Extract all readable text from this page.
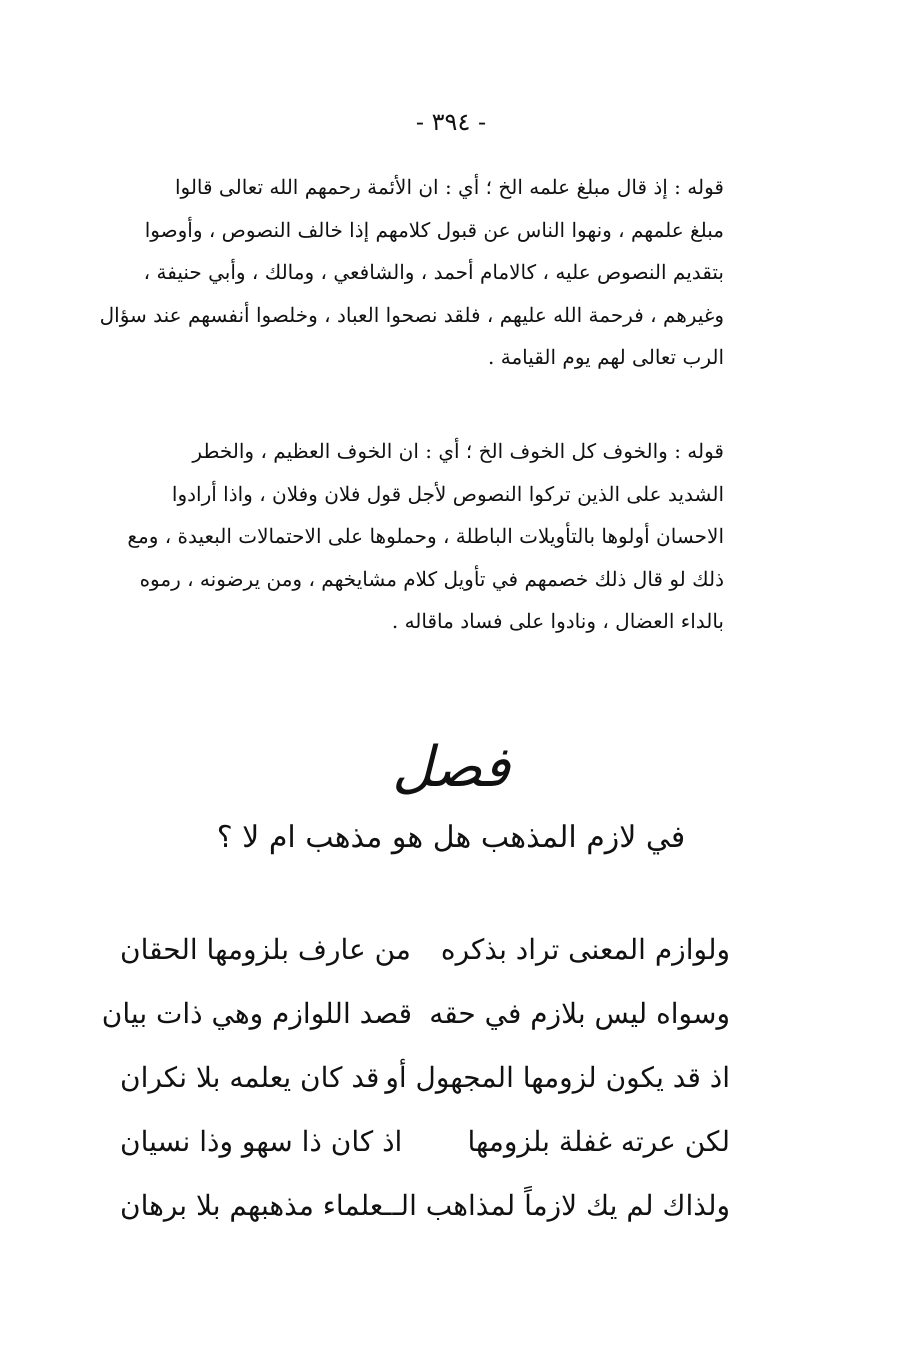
- ٣٩٤ -
قوله : إذ قال مبلغ علمه الخ ؛ أي : ان الأئمة رحمهم الله تعالى قالوا
مبلغ علمهم ، ونهوا الناس عن قبول كلامهم إذا خالف النصوص ، وأوصوا
بتقديم النصوص عليه ، كالامام أحمد ، والشافعي ، ومالك ، وأبي حنيفة ،
وغيرهم ، فرحمة الله عليهم ، فلقد نصحوا العباد ، وخلصوا أنفسهم عند سؤال
الرب تعالى لهم يوم القيامة .
قوله : والخوف كل الخوف الخ ؛ أي : ان الخوف العظيم ، والخطر
الشديد على الذين تركوا النصوص لأجل قول فلان وفلان ، واذا أرادوا
الاحسان أولوها بالتأويلات الباطلة ، وحملوها على الاحتمالات البعيدة ، ومع
ذلك لو قال ذلك خصمهم في تأويل كلام مشايخهم ، ومن يرضونه ، رموه
بالداء العضال ، ونادوا على فساد ماقاله .
فصل
في لازم المذهب هل هو مذهب ام لا ؟
ولوازم المعنى تراد بذكره
من عارف بلزومها الحقان
وسواه ليس بلازم في حقه
قصد اللوازم وهي ذات بيان
اذ قد يكون لزومها المجهول أو
قد كان يعلمه بلا نكران
لكن عرته غفلة بلزومها
اذ كان ذا سهو وذا نسيان
ولذاك لم يك لازماً لمذاهب الـ
ـعلماء مذهبهم بلا برهان
